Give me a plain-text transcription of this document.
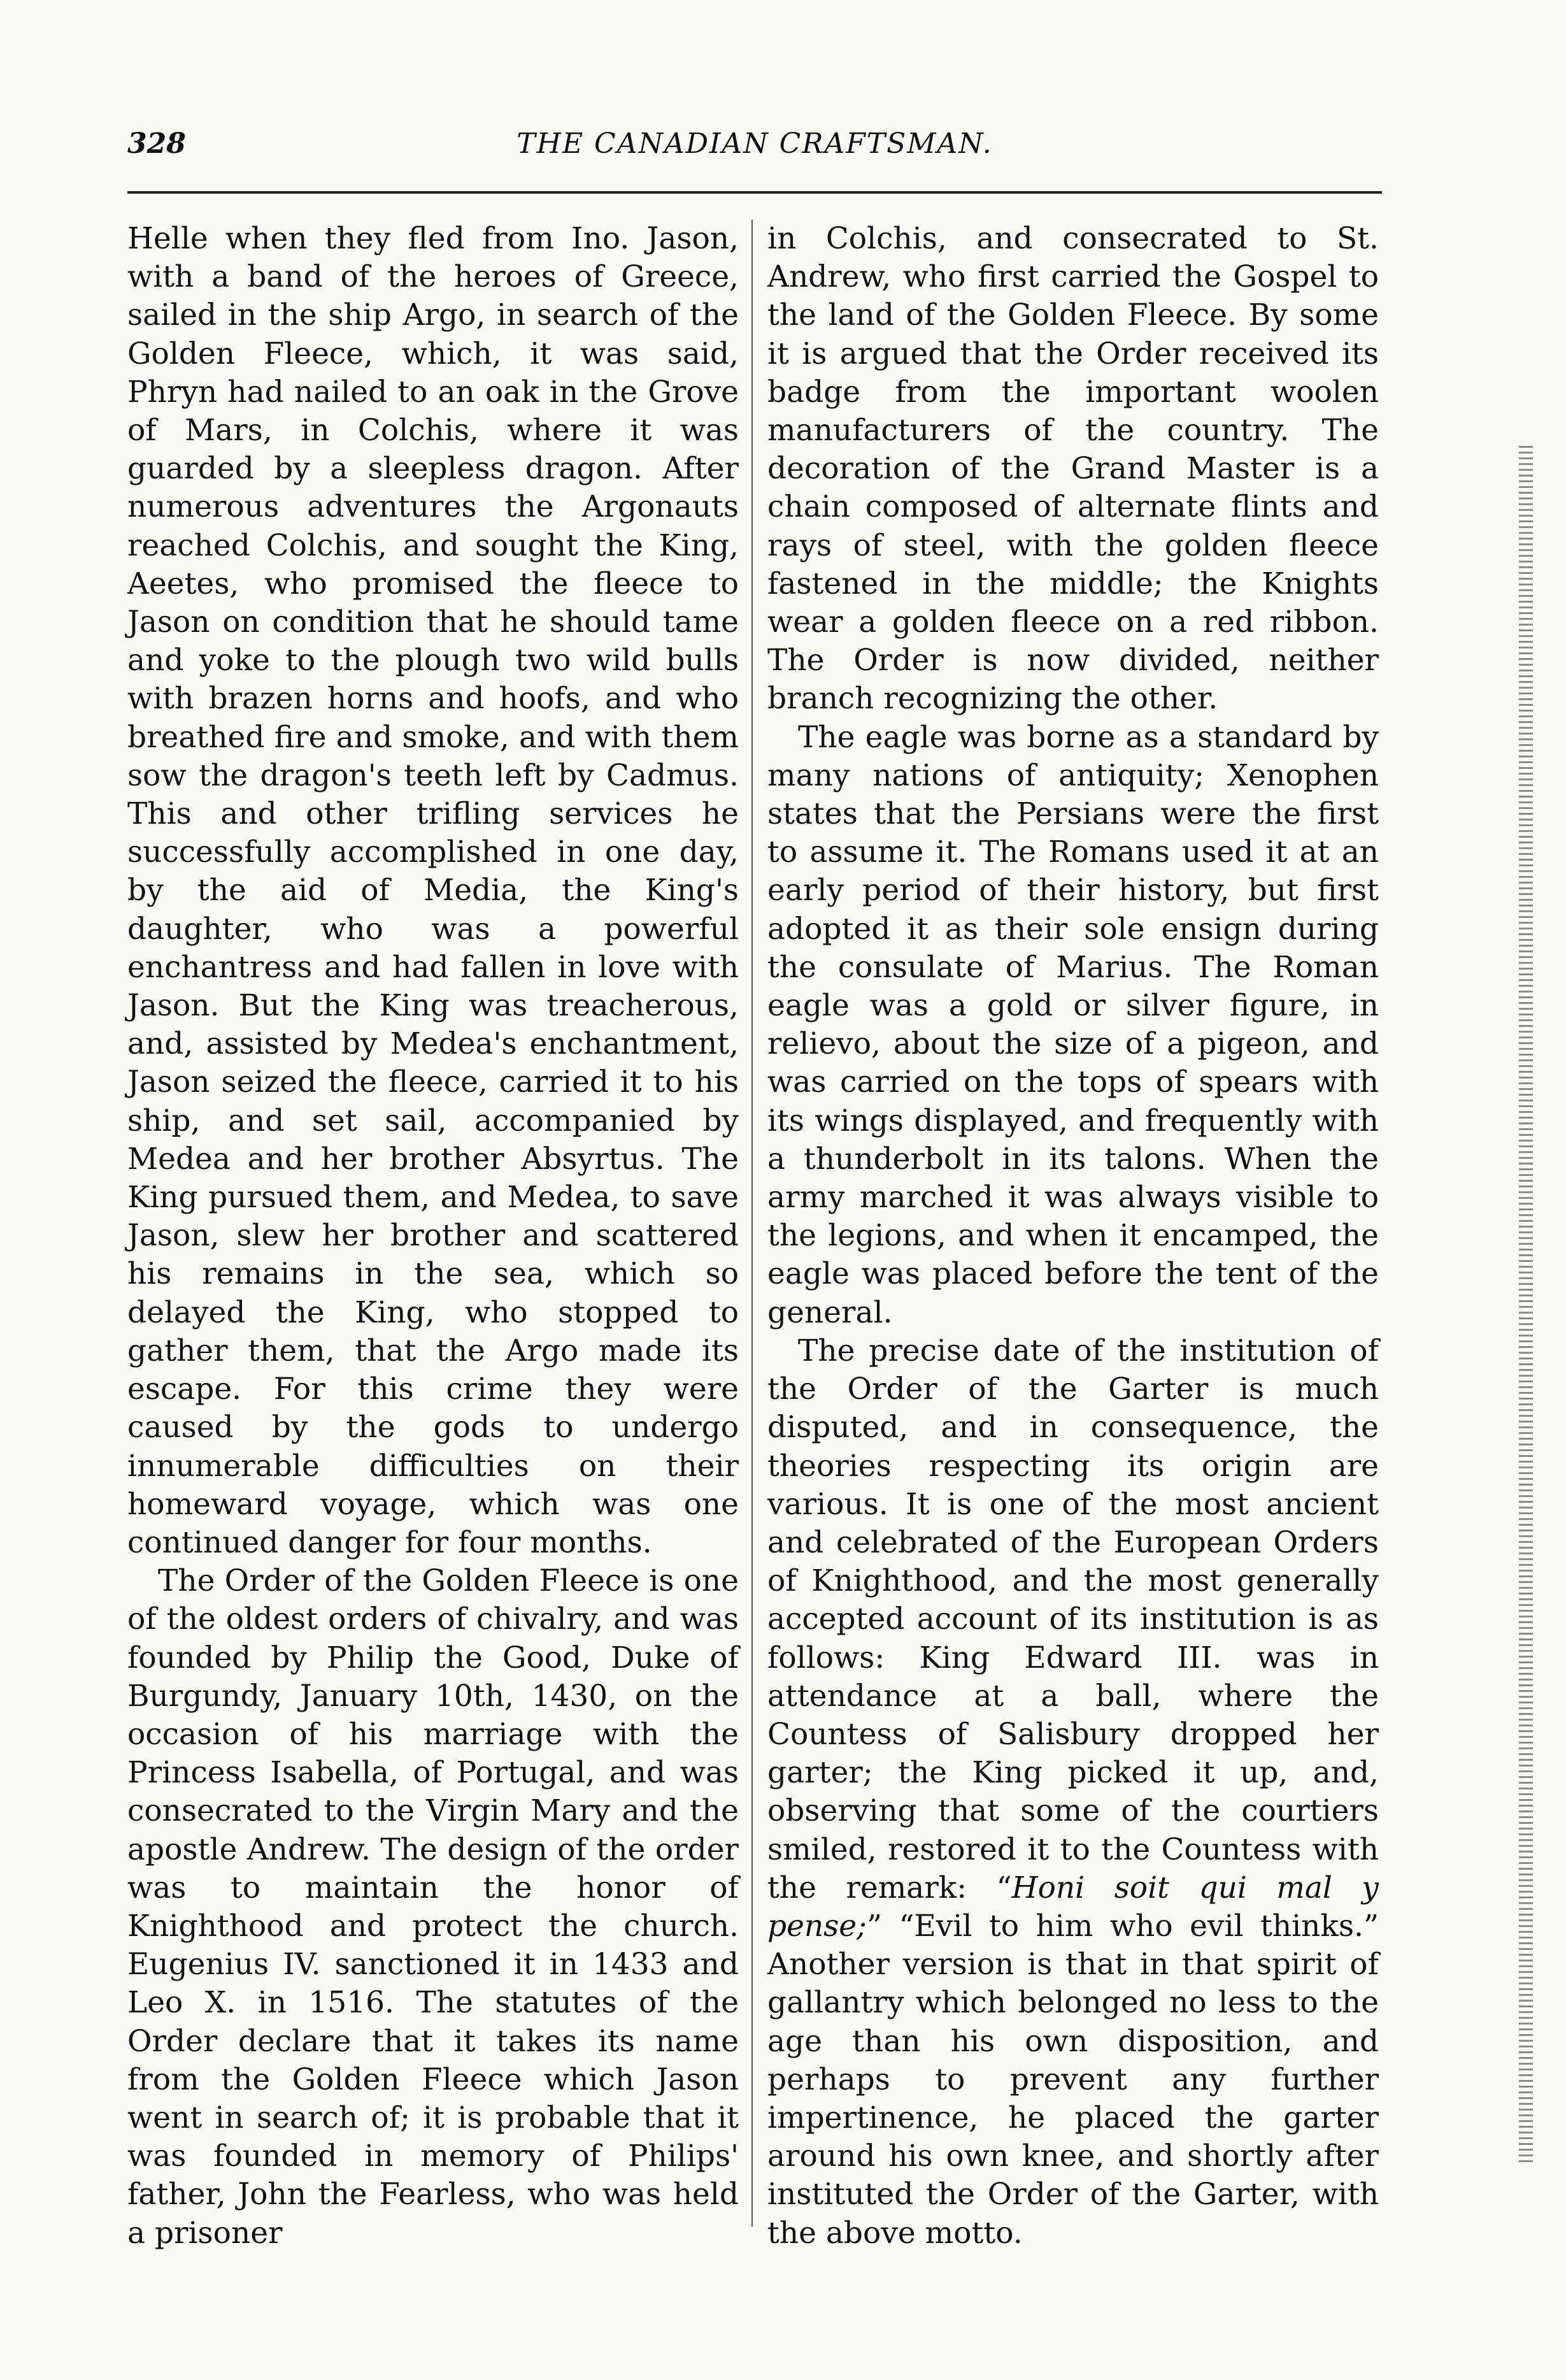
328	THE CANADIAN CRAFTSMAN.

Helle when they fled from Ino. Jason, with a band of the heroes of Greece, sailed in the ship Argo, in search of the Golden Fleece, which, it was said, Phryn had nailed to an oak in the Grove of Mars, in Colchis, where it was guarded by a sleepless dragon. After numerous adventures the Argonauts reached Colchis, and sought the King, Aeetes, who promised the fleece to Jason on condition that he should tame and yoke to the plough two wild bulls with brazen horns and hoofs, and who breathed fire and smoke, and with them sow the dragon's teeth left by Cadmus. This and other trifling services he successfully accomplished in one day, by the aid of Media, the King's daughter, who was a powerful enchantress and had fallen in love with Jason. But the King was treacherous, and, assisted by Medea's enchantment, Jason seized the fleece, carried it to his ship, and set sail, accompanied by Medea and her brother Absyrtus. The King pursued them, and Medea, to save Jason, slew her brother and scattered his remains in the sea, which so delayed the King, who stopped to gather them, that the Argo made its escape. For this crime they were caused by the gods to undergo innumerable difficulties on their homeward voyage, which was one continued danger for four months.

The Order of the Golden Fleece is one of the oldest orders of chivalry, and was founded by Philip the Good, Duke of Burgundy, January 10th, 1430, on the occasion of his marriage with the Princess Isabella, of Portugal, and was consecrated to the Virgin Mary and the apostle Andrew. The design of the order was to maintain the honor of Knighthood and protect the church. Eugenius IV. sanctioned it in 1433 and Leo X. in 1516. The statutes of the Order declare that it takes its name from the Golden Fleece which Jason went in search of; it is probable that it was founded in memory of Philips' father, John the Fearless, who was held a prisoner

in Colchis, and consecrated to St. Andrew, who first carried the Gospel to the land of the Golden Fleece. By some it is argued that the Order received its badge from the important woolen manufacturers of the country. The decoration of the Grand Master is a chain composed of alternate flints and rays of steel, with the golden fleece fastened in the middle; the Knights wear a golden fleece on a red ribbon. The Order is now divided, neither branch recognizing the other.

The eagle was borne as a standard by many nations of antiquity; Xenophen states that the Persians were the first to assume it. The Romans used it at an early period of their history, but first adopted it as their sole ensign during the consulate of Marius. The Roman eagle was a gold or silver figure, in relievo, about the size of a pigeon, and was carried on the tops of spears with its wings displayed, and frequently with a thunderbolt in its talons. When the army marched it was always visible to the legions, and when it encamped, the eagle was placed before the tent of the general.

The precise date of the institution of the Order of the Garter is much disputed, and in consequence, the theories respecting its origin are various. It is one of the most ancient and celebrated of the European Orders of Knighthood, and the most generally accepted account of its institution is as follows: King Edward III. was in attendance at a ball, where the Countess of Salisbury dropped her garter; the King picked it up, and, observing that some of the courtiers smiled, restored it to the Countess with the remark: “Honi soit qui mal y pense;” “Evil to him who evil thinks.” Another version is that in that spirit of gallantry which belonged no less to the age than his own disposition, and perhaps to prevent any further impertinence, he placed the garter around his own knee, and shortly after instituted the Order of the Garter, with the above motto.
